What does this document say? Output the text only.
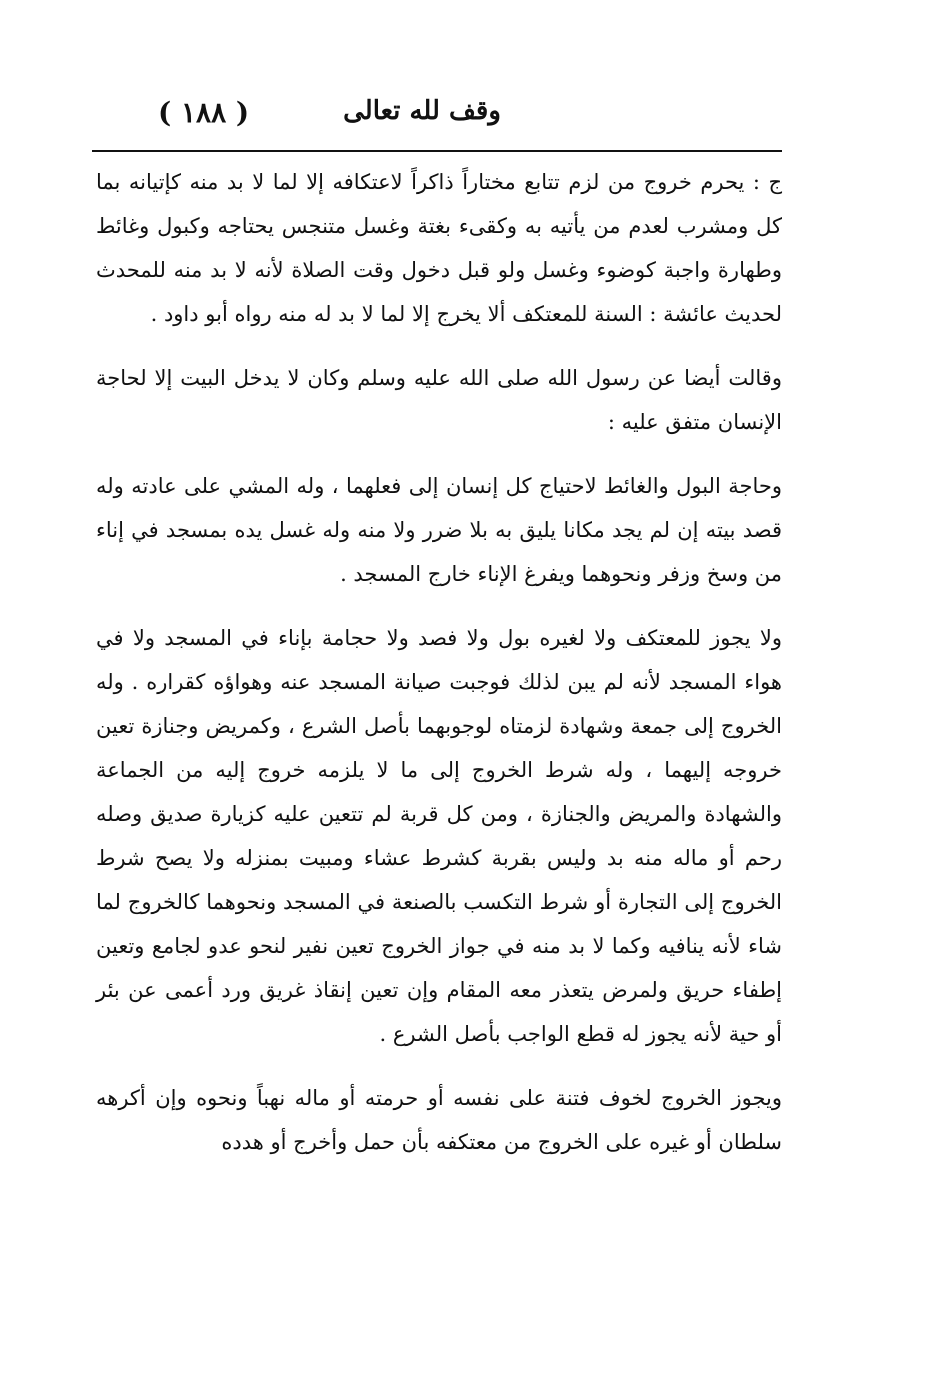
( ١٨٨ )	وقف لله تعالى

ج : يحرم خروج من لزم تتابع مختاراً ذاكراً لاعتكافه إلا لما لا بد منه كإتيانه بما كل ومشرب لعدم من يأتيه به وكقىء بغتة وغسل متنجس يحتاجه وكبول وغائط وطهارة واجبة كوضوء وغسل ولو قبل دخول وقت الصلاة لأنه لا بد منه للمحدث لحديث عائشة : السنة للمعتكف ألا يخرج إلا لما لا بد له منه رواه أبو داود .

وقالت أيضا عن رسول الله صلى الله عليه وسلم وكان لا يدخل البيت إلا لحاجة الإنسان متفق عليه :

وحاجة البول والغائط لاحتياج كل إنسان إلى فعلهما ، وله المشي على عادته وله قصد بيته إن لم يجد مكانا يليق به بلا ضرر ولا منه وله غسل يده بمسجد في إناء من وسخ وزفر ونحوهما ويفرغ الإناء خارج المسجد .

ولا يجوز للمعتكف ولا لغيره بول ولا فصد ولا حجامة بإناء في المسجد ولا في هواء المسجد لأنه لم يبن لذلك فوجبت صيانة المسجد عنه وهواؤه كقراره . وله الخروج إلى جمعة وشهادة لزمتاه لوجوبهما بأصل الشرع ، وكمريض وجنازة تعين خروجه إليهما ، وله شرط الخروج إلى ما لا يلزمه خروج إليه من الجماعة والشهادة والمريض والجنازة ، ومن كل قربة لم تتعين عليه كزيارة صديق وصله رحم أو ماله منه بد وليس بقربة كشرط عشاء ومبيت بمنزله ولا يصح شرط الخروج إلى التجارة أو شرط التكسب بالصنعة في المسجد ونحوهما كالخروج لما شاء لأنه ينافيه وكما لا بد منه في جواز الخروج تعين نفير لنحو عدو لجامع وتعين إطفاء حريق ولمرض يتعذر معه المقام وإن تعين إنقاذ غريق ورد أعمى عن بئر أو حية لأنه يجوز له قطع الواجب بأصل الشرع .

ويجوز الخروج لخوف فتنة على نفسه أو حرمته أو ماله نهباً ونحوه وإن أكرهه سلطان أو غيره على الخروج من معتكفه بأن حمل وأخرج أو هدده
